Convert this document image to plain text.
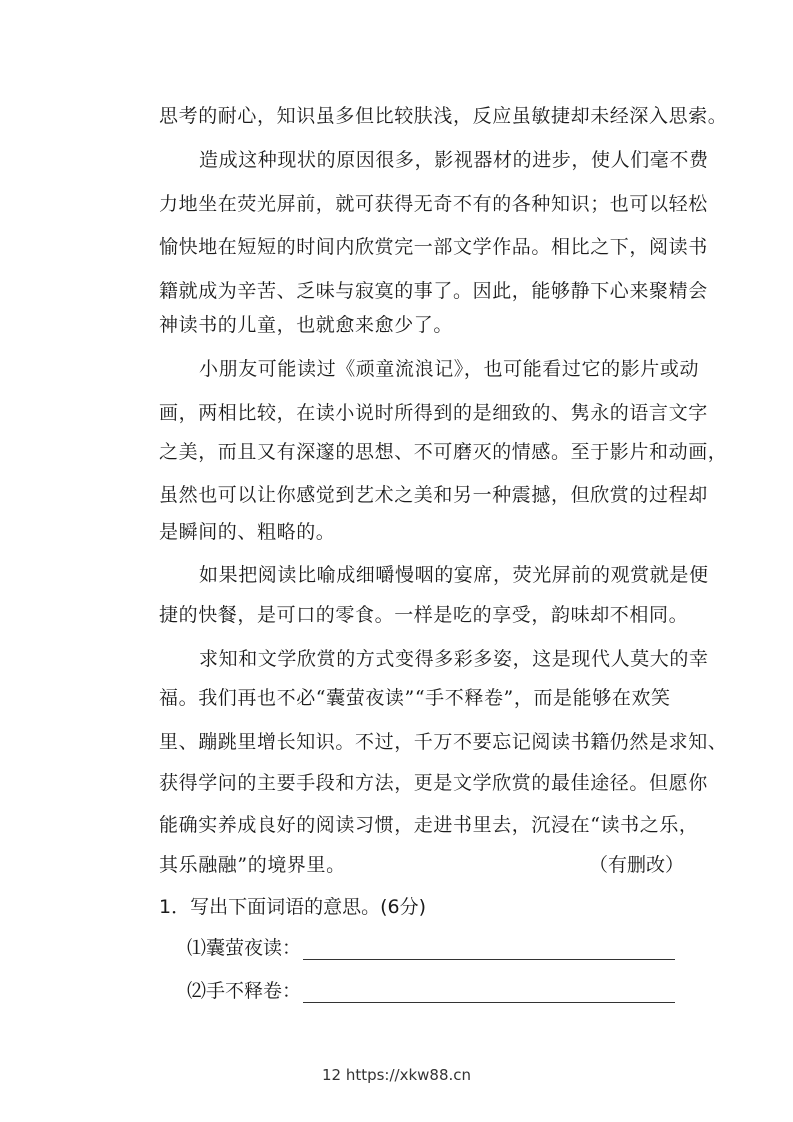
思考的耐心，知识虽多但比较肤浅，反应虽敏捷却未经深入思索。
造成这种现状的原因很多，影视器材的进步，使人们毫不费
力地坐在荧光屏前，就可获得无奇不有的各种知识；也可以轻松
愉快地在短短的时间内欣赏完一部文学作品。相比之下，阅读书
籍就成为辛苦、乏味与寂寞的事了。因此，能够静下心来聚精会
神读书的儿童，也就愈来愈少了。
小朋友可能读过《顽童流浪记》，也可能看过它的影片或动
画，两相比较，在读小说时所得到的是细致的、隽永的语言文字
之美，而且又有深邃的思想、不可磨灭的情感。至于影片和动画，
虽然也可以让你感觉到艺术之美和另一种震撼，但欣赏的过程却
是瞬间的、粗略的。
如果把阅读比喻成细嚼慢咽的宴席，荧光屏前的观赏就是便
捷的快餐，是可口的零食。一样是吃的享受，韵味却不相同。
求知和文学欣赏的方式变得多彩多姿，这是现代人莫大的幸
福。我们再也不必“囊萤夜读”“手不释卷”，而是能够在欢笑
里、蹦跳里增长知识。不过，千万不要忘记阅读书籍仍然是求知、
获得学问的主要手段和方法，更是文学欣赏的最佳途径。但愿你
能确实养成良好的阅读习惯，走进书里去，沉浸在“读书之乐，
其乐融融”的境界里。	（有删改）
1．写出下面词语的意思。(6分)
⑴囊萤夜读：
⑵手不释卷：
12 https://xkw88.cn
